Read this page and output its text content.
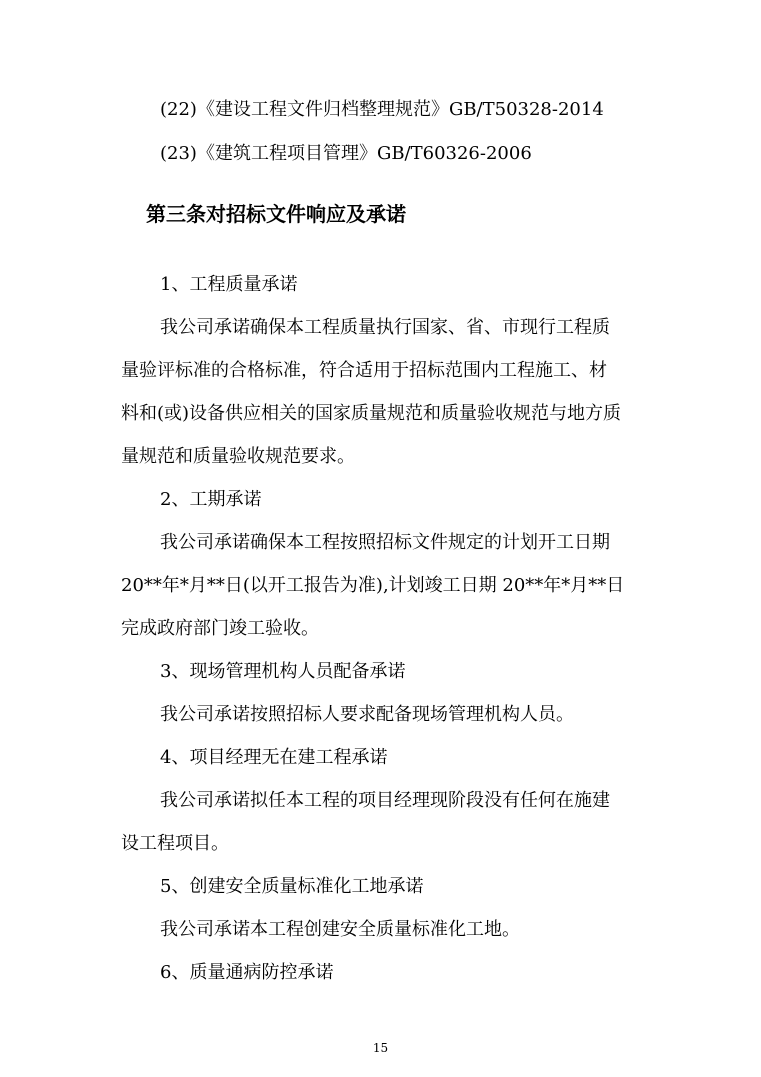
(22)《建设工程文件归档整理规范》GB/T50328-2014
(23)《建筑工程项目管理》GB/T60326-2006
第三条对招标文件响应及承诺
1、工程质量承诺
我公司承诺确保本工程质量执行国家、省、市现行工程质
量验评标准的合格标准，符合适用于招标范围内工程施工、材
料和(或)设备供应相关的国家质量规范和质量验收规范与地方质
量规范和质量验收规范要求。
2、工期承诺
我公司承诺确保本工程按照招标文件规定的计划开工日期
20**年*月**日(以开工报告为准),计划竣工日期 20**年*月**日
完成政府部门竣工验收。
3、现场管理机构人员配备承诺
我公司承诺按照招标人要求配备现场管理机构人员。
4、项目经理无在建工程承诺
我公司承诺拟任本工程的项目经理现阶段没有任何在施建
设工程项目。
5、创建安全质量标准化工地承诺
我公司承诺本工程创建安全质量标准化工地。
6、质量通病防控承诺
15
